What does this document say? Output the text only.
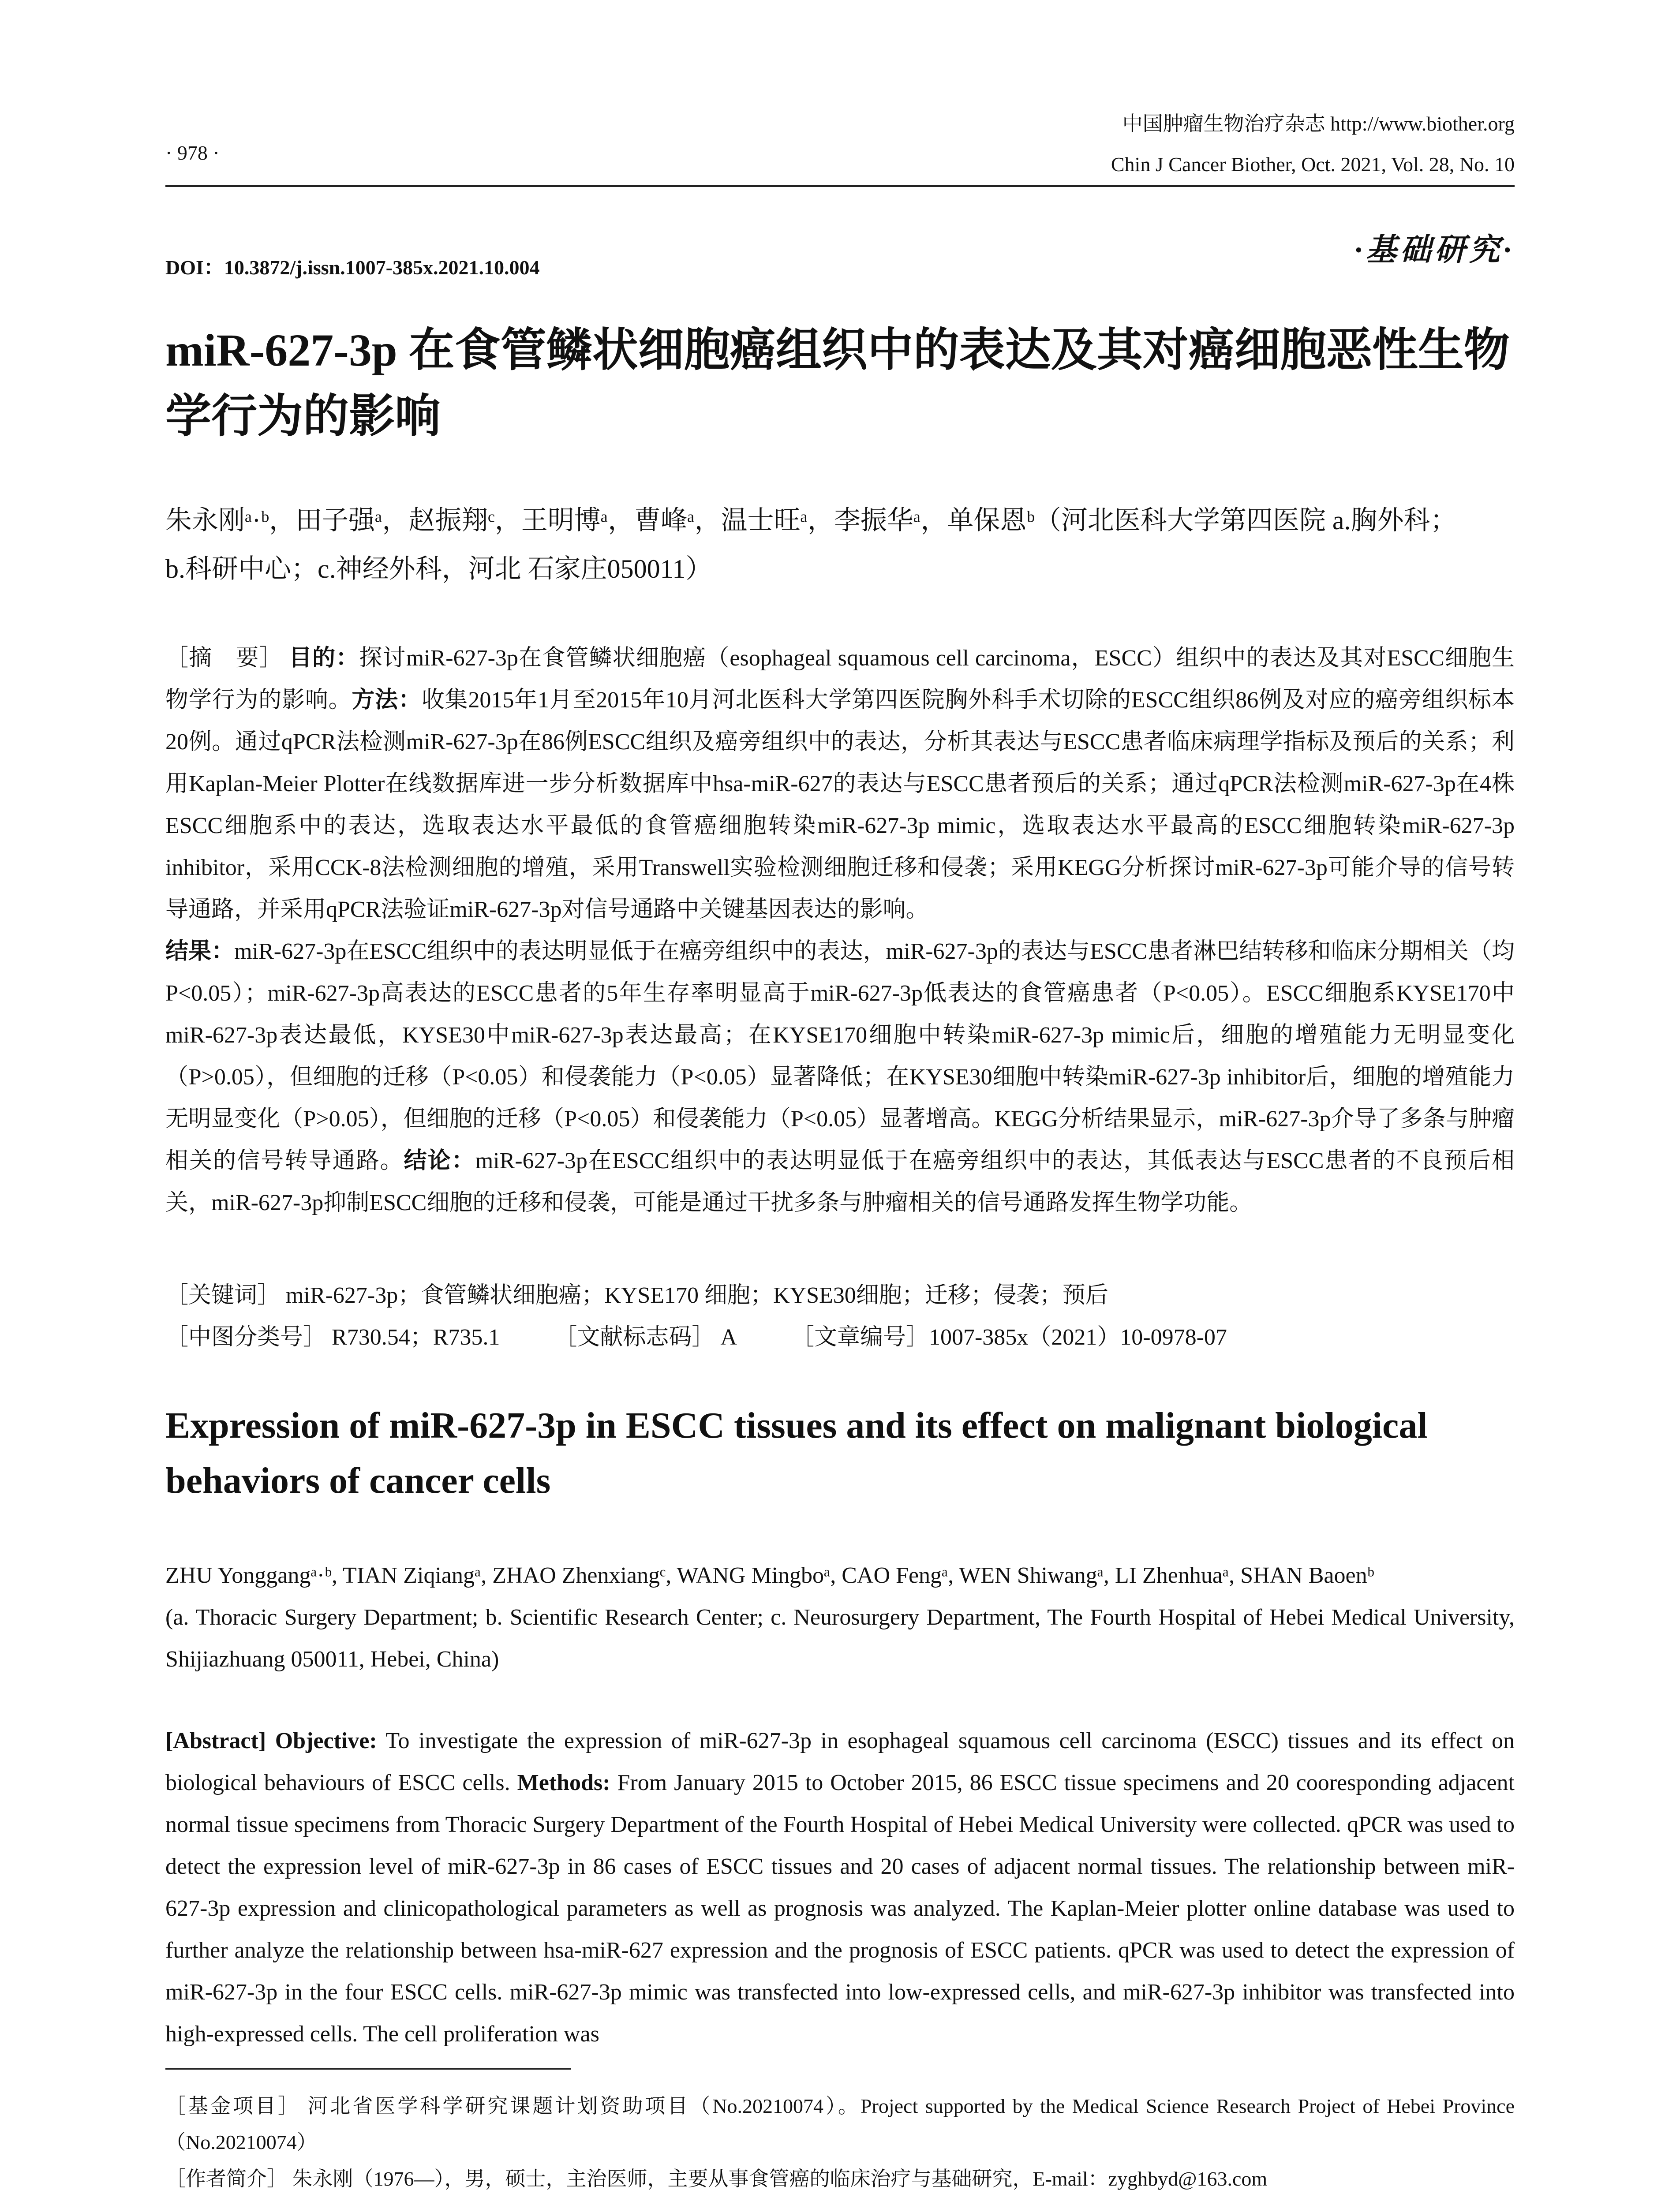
中国肿瘤生物治疗杂志 http://www.biother.org
Chin J Cancer Biother, Oct. 2021, Vol. 28, No. 10
· 978 ·
DOI：10.3872/j.issn.1007-385x.2021.10.004
·基础研究·
miR-627-3p 在食管鳞状细胞癌组织中的表达及其对癌细胞恶性生物学行为的影响
朱永刚ᵃ·ᵇ，田子强ᵃ，赵振翔ᶜ，王明博ᵃ，曹峰ᵃ，温士旺ᵃ，李振华ᵃ，单保恩ᵇ（河北医科大学第四医院 a.胸外科；
b.科研中心；c.神经外科，河北 石家庄050011）
［摘　要］ 目的：探讨miR-627-3p在食管鳞状细胞癌（esophageal squamous cell carcinoma，ESCC）组织中的表达及其对ESCC细胞生物学行为的影响。方法：收集2015年1月至2015年10月河北医科大学第四医院胸外科手术切除的ESCC组织86例及对应的癌旁组织标本20例。通过qPCR法检测miR-627-3p在86例ESCC组织及癌旁组织中的表达，分析其表达与ESCC患者临床病理学指标及预后的关系；利用Kaplan-Meier Plotter在线数据库进一步分析数据库中hsa-miR-627的表达与ESCC患者预后的关系；通过qPCR法检测miR-627-3p在4株ESCC细胞系中的表达，选取表达水平最低的食管癌细胞转染miR-627-3p mimic，选取表达水平最高的ESCC细胞转染miR-627-3p inhibitor，采用CCK-8法检测细胞的增殖，采用Transwell实验检测细胞迁移和侵袭；采用KEGG分析探讨miR-627-3p可能介导的信号转导通路，并采用qPCR法验证miR-627-3p对信号通路中关键基因表达的影响。
结果：miR-627-3p在ESCC组织中的表达明显低于在癌旁组织中的表达，miR-627-3p的表达与ESCC患者淋巴结转移和临床分期相关（均P<0.05）；miR-627-3p高表达的ESCC患者的5年生存率明显高于miR-627-3p低表达的食管癌患者（P<0.05）。ESCC细胞系KYSE170中miR-627-3p表达最低，KYSE30中miR-627-3p表达最高；在KYSE170细胞中转染miR-627-3p mimic后，细胞的增殖能力无明显变化（P>0.05），但细胞的迁移（P<0.05）和侵袭能力（P<0.05）显著降低；在KYSE30细胞中转染miR-627-3p inhibitor后，细胞的增殖能力无明显变化（P>0.05），但细胞的迁移（P<0.05）和侵袭能力（P<0.05）显著增高。KEGG分析结果显示，miR-627-3p介导了多条与肿瘤相关的信号转导通路。结论：miR-627-3p在ESCC组织中的表达明显低于在癌旁组织中的表达，其低表达与ESCC患者的不良预后相关，miR-627-3p抑制ESCC细胞的迁移和侵袭，可能是通过干扰多条与肿瘤相关的信号通路发挥生物学功能。
［关键词］ miR-627-3p；食管鳞状细胞癌；KYSE170 细胞；KYSE30细胞；迁移；侵袭；预后
［中图分类号］ R730.54；R735.1 ［文献标志码］ A ［文章编号］1007-385x（2021）10-0978-07
Expression of miR-627-3p in ESCC tissues and its effect on malignant biological behaviors of cancer cells
ZHU Yonggangᵃ·ᵇ, TIAN Ziqiangᵃ, ZHAO Zhenxiangᶜ, WANG Mingboᵃ, CAO Fengᵃ, WEN Shiwangᵃ, LI Zhenhuaᵃ, SHAN Baoenᵇ
(a. Thoracic Surgery Department; b. Scientific Research Center; c. Neurosurgery Department, The Fourth Hospital of Hebei Medical University, Shijiazhuang 050011, Hebei, China)
[Abstract] Objective: To investigate the expression of miR-627-3p in esophageal squamous cell carcinoma (ESCC) tissues and its effect on biological behaviours of ESCC cells. Methods: From January 2015 to October 2015, 86 ESCC tissue specimens and 20 cooresponding adjacent normal tissue specimens from Thoracic Surgery Department of the Fourth Hospital of Hebei Medical University were collected. qPCR was used to detect the expression level of miR-627-3p in 86 cases of ESCC tissues and 20 cases of adjacent normal tissues. The relationship between miR-627-3p expression and clinicopathological parameters as well as prognosis was analyzed. The Kaplan-Meier plotter online database was used to further analyze the relationship between hsa-miR-627 expression and the prognosis of ESCC patients. qPCR was used to detect the expression of miR-627-3p in the four ESCC cells. miR-627-3p mimic was transfected into low-expressed cells, and miR-627-3p inhibitor was transfected into high-expressed cells. The cell proliferation was
［基金项目］ 河北省医学科学研究课题计划资助项目（No.20210074）。Project supported by the Medical Science Research Project of Hebei Province（No.20210074）
［作者简介］ 朱永刚（1976—），男，硕士，主治医师，主要从事食管癌的临床治疗与基础研究，E-mail：zyghbyd@163.com
